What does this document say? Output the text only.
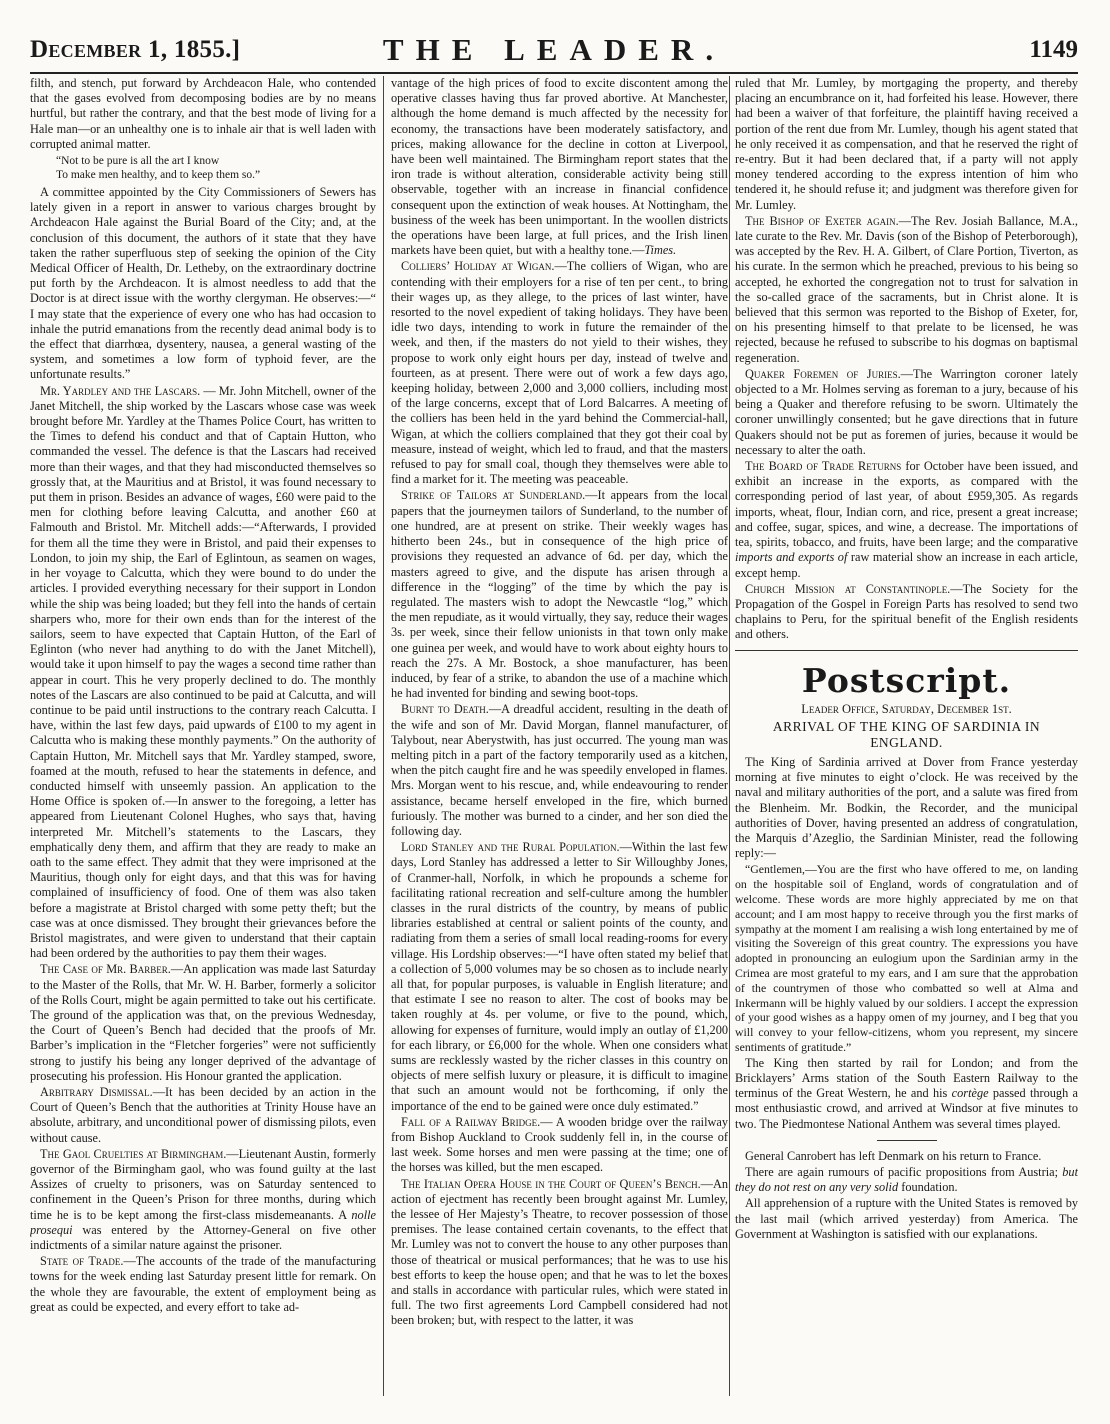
December 1, 1855.]	THE LEADER.	1149

filth, and stench, put forward by Archdeacon Hale, who contended that the gases evolved from decomposing bodies are by no means hurtful, but rather the contrary, and that the best mode of living for a Hale man—or an unhealthy one is to inhale air that is well laden with corrupted animal matter.

“Not to be pure is all the art I know
To make men healthy, and to keep them so.”

A committee appointed by the City Commissioners of Sewers has lately given in a report in answer to various charges brought by Archdeacon Hale against the Burial Board of the City; and, at the conclusion of this document, the authors of it state that they have taken the rather superfluous step of seeking the opinion of the City Medical Officer of Health, Dr. Letheby, on the extraordinary doctrine put forth by the Archdeacon. It is almost needless to add that the Doctor is at direct issue with the worthy clergyman. He observes:—“ I may state that the experience of every one who has had occasion to inhale the putrid emanations from the recently dead animal body is to the effect that diarrhœa, dysentery, nausea, a general wasting of the system, and sometimes a low form of typhoid fever, are the unfortunate results.”

Mr. Yardley and the Lascars. — Mr. John Mitchell, owner of the Janet Mitchell, the ship worked by the Lascars whose case was week brought before Mr. Yardley at the Thames Police Court, has written to the Times to defend his conduct and that of Captain Hutton, who commanded the vessel. The defence is that the Lascars had received more than their wages, and that they had misconducted themselves so grossly that, at the Mauritius and at Bristol, it was found necessary to put them in prison. Besides an advance of wages, £60 were paid to the men for clothing before leaving Calcutta, and another £60 at Falmouth and Bristol. Mr. Mitchell adds:—“Afterwards, I provided for them all the time they were in Bristol, and paid their expenses to London, to join my ship, the Earl of Eglintoun, as seamen on wages, in her voyage to Calcutta, which they were bound to do under the articles. I provided everything necessary for their support in London while the ship was being loaded; but they fell into the hands of certain sharpers who, more for their own ends than for the interest of the sailors, seem to have expected that Captain Hutton, of the Earl of Eglinton (who never had anything to do with the Janet Mitchell), would take it upon himself to pay the wages a second time rather than appear in court. This he very properly declined to do. The monthly notes of the Lascars are also continued to be paid at Calcutta, and will continue to be paid until instructions to the contrary reach Calcutta. I have, within the last few days, paid upwards of £100 to my agent in Calcutta who is making these monthly payments.” On the authority of Captain Hutton, Mr. Mitchell says that Mr. Yardley stamped, swore, foamed at the mouth, refused to hear the statements in defence, and conducted himself with unseemly passion. An application to the Home Office is spoken of.—In answer to the foregoing, a letter has appeared from Lieutenant Colonel Hughes, who says that, having interpreted Mr. Mitchell’s statements to the Lascars, they emphatically deny them, and affirm that they are ready to make an oath to the same effect. They admit that they were imprisoned at the Mauritius, though only for eight days, and that this was for having complained of insufficiency of food. One of them was also taken before a magistrate at Bristol charged with some petty theft; but the case was at once dismissed. They brought their grievances before the Bristol magistrates, and were given to understand that their captain had been ordered by the authorities to pay them their wages.

The Case of Mr. Barber.—An application was made last Saturday to the Master of the Rolls, that Mr. W. H. Barber, formerly a solicitor of the Rolls Court, might be again permitted to take out his certificate. The ground of the application was that, on the previous Wednesday, the Court of Queen’s Bench had decided that the proofs of Mr. Barber’s implication in the “Fletcher forgeries” were not sufficiently strong to justify his being any longer deprived of the advantage of prosecuting his profession. His Honour granted the application.

Arbitrary Dismissal.—It has been decided by an action in the Court of Queen’s Bench that the authorities at Trinity House have an absolute, arbitrary, and unconditional power of dismissing pilots, even without cause.

The Gaol Cruelties at Birmingham.—Lieutenant Austin, formerly governor of the Birmingham gaol, who was found guilty at the last Assizes of cruelty to prisoners, was on Saturday sentenced to confinement in the Queen’s Prison for three months, during which time he is to be kept among the first-class misdemeanants. A nolle prosequi was entered by the Attorney-General on five other indictments of a similar nature against the prisoner.

State of Trade.—The accounts of the trade of the manufacturing towns for the week ending last Saturday present little for remark. On the whole they are favourable, the extent of employment being as great as could be expected, and every effort to take ad-

vantage of the high prices of food to excite discontent among the operative classes having thus far proved abortive. At Manchester, although the home demand is much affected by the necessity for economy, the transactions have been moderately satisfactory, and prices, making allowance for the decline in cotton at Liverpool, have been well maintained. The Birmingham report states that the iron trade is without alteration, considerable activity being still observable, together with an increase in financial confidence consequent upon the extinction of weak houses. At Nottingham, the business of the week has been unimportant. In the woollen districts the operations have been large, at full prices, and the Irish linen markets have been quiet, but with a healthy tone.—Times.

Colliers’ Holiday at Wigan.—The colliers of Wigan, who are contending with their employers for a rise of ten per cent., to bring their wages up, as they allege, to the prices of last winter, have resorted to the novel expedient of taking holidays. They have been idle two days, intending to work in future the remainder of the week, and then, if the masters do not yield to their wishes, they propose to work only eight hours per day, instead of twelve and fourteen, as at present. There were out of work a few days ago, keeping holiday, between 2,000 and 3,000 colliers, including most of the large concerns, except that of Lord Balcarres. A meeting of the colliers has been held in the yard behind the Commercial-hall, Wigan, at which the colliers complained that they got their coal by measure, instead of weight, which led to fraud, and that the masters refused to pay for small coal, though they themselves were able to find a market for it. The meeting was peaceable.

Strike of Tailors at Sunderland.—It appears from the local papers that the journeymen tailors of Sunderland, to the number of one hundred, are at present on strike. Their weekly wages has hitherto been 24s., but in consequence of the high price of provisions they requested an advance of 6d. per day, which the masters agreed to give, and the dispute has arisen through a difference in the “logging” of the time by which the pay is regulated. The masters wish to adopt the Newcastle “log,” which the men repudiate, as it would virtually, they say, reduce their wages 3s. per week, since their fellow unionists in that town only make one guinea per week, and would have to work about eighty hours to reach the 27s. A Mr. Bostock, a shoe manufacturer, has been induced, by fear of a strike, to abandon the use of a machine which he had invented for binding and sewing boot-tops.

Burnt to Death.—A dreadful accident, resulting in the death of the wife and son of Mr. David Morgan, flannel manufacturer, of Talybout, near Aberystwith, has just occurred. The young man was melting pitch in a part of the factory temporarily used as a kitchen, when the pitch caught fire and he was speedily enveloped in flames. Mrs. Morgan went to his rescue, and, while endeavouring to render assistance, became herself enveloped in the fire, which burned furiously. The mother was burned to a cinder, and her son died the following day.

Lord Stanley and the Rural Population.—Within the last few days, Lord Stanley has addressed a letter to Sir Willoughby Jones, of Cranmer-hall, Norfolk, in which he propounds a scheme for facilitating rational recreation and self-culture among the humbler classes in the rural districts of the country, by means of public libraries established at central or salient points of the county, and radiating from them a series of small local reading-rooms for every village. His Lordship observes:—“I have often stated my belief that a collection of 5,000 volumes may be so chosen as to include nearly all that, for popular purposes, is valuable in English literature; and that estimate I see no reason to alter. The cost of books may be taken roughly at 4s. per volume, or five to the pound, which, allowing for expenses of furniture, would imply an outlay of £1,200 for each library, or £6,000 for the whole. When one considers what sums are recklessly wasted by the richer classes in this country on objects of mere selfish luxury or pleasure, it is difficult to imagine that such an amount would not be forthcoming, if only the importance of the end to be gained were once duly estimated.”

Fall of a Railway Bridge.— A wooden bridge over the railway from Bishop Auckland to Crook suddenly fell in, in the course of last week. Some horses and men were passing at the time; one of the horses was killed, but the men escaped.

The Italian Opera House in the Court of Queen’s Bench.—An action of ejectment has recently been brought against Mr. Lumley, the lessee of Her Majesty’s Theatre, to recover possession of those premises. The lease contained certain covenants, to the effect that Mr. Lumley was not to convert the house to any other purposes than those of theatrical or musical performances; that he was to use his best efforts to keep the house open; and that he was to let the boxes and stalls in accordance with particular rules, which were stated in full. The two first agreements Lord Campbell considered had not been broken; but, with respect to the latter, it was

ruled that Mr. Lumley, by mortgaging the property, and thereby placing an encumbrance on it, had forfeited his lease. However, there had been a waiver of that forfeiture, the plaintiff having received a portion of the rent due from Mr. Lumley, though his agent stated that he only received it as compensation, and that he reserved the right of re-entry. But it had been declared that, if a party will not apply money tendered according to the express intention of him who tendered it, he should refuse it; and judgment was therefore given for Mr. Lumley.

The Bishop of Exeter again.—The Rev. Josiah Ballance, M.A., late curate to the Rev. Mr. Davis (son of the Bishop of Peterborough), was accepted by the Rev. H. A. Gilbert, of Clare Portion, Tiverton, as his curate. In the sermon which he preached, previous to his being so accepted, he exhorted the congregation not to trust for salvation in the so-called grace of the sacraments, but in Christ alone. It is believed that this sermon was reported to the Bishop of Exeter, for, on his presenting himself to that prelate to be licensed, he was rejected, because he refused to subscribe to his dogmas on baptismal regeneration.

Quaker Foremen of Juries.—The Warrington coroner lately objected to a Mr. Holmes serving as foreman to a jury, because of his being a Quaker and therefore refusing to be sworn. Ultimately the coroner unwillingly consented; but he gave directions that in future Quakers should not be put as foremen of juries, because it would be necessary to alter the oath.

The Board of Trade Returns for October have been issued, and exhibit an increase in the exports, as compared with the corresponding period of last year, of about £959,305. As regards imports, wheat, flour, Indian corn, and rice, present a great increase; and coffee, sugar, spices, and wine, a decrease. The importations of tea, spirits, tobacco, and fruits, have been large; and the comparative imports and exports of raw material show an increase in each article, except hemp.

Church Mission at Constantinople.—The Society for the Propagation of the Gospel in Foreign Parts has resolved to send two chaplains to Peru, for the spiritual benefit of the English residents and others.

Postscript.

Leader Office, Saturday, December 1st.

ARRIVAL OF THE KING OF SARDINIA IN ENGLAND.

The King of Sardinia arrived at Dover from France yesterday morning at five minutes to eight o’clock. He was received by the naval and military authorities of the port, and a salute was fired from the Blenheim. Mr. Bodkin, the Recorder, and the municipal authorities of Dover, having presented an address of congratulation, the Marquis d’Azeglio, the Sardinian Minister, read the following reply:—

“Gentlemen,—You are the first who have offered to me, on landing on the hospitable soil of England, words of congratulation and of welcome. These words are more highly appreciated by me on that account; and I am most happy to receive through you the first marks of sympathy at the moment I am realising a wish long entertained by me of visiting the Sovereign of this great country. The expressions you have adopted in pronouncing an eulogium upon the Sardinian army in the Crimea are most grateful to my ears, and I am sure that the approbation of the countrymen of those who combatted so well at Alma and Inkermann will be highly valued by our soldiers. I accept the expression of your good wishes as a happy omen of my journey, and I beg that you will convey to your fellow-citizens, whom you represent, my sincere sentiments of gratitude.”

The King then started by rail for London; and from the Bricklayers’ Arms station of the South Eastern Railway to the terminus of the Great Western, he and his cortège passed through a most enthusiastic crowd, and arrived at Windsor at five minutes to two. The Piedmontese National Anthem was several times played.

General Canrobert has left Denmark on his return to France.

There are again rumours of pacific propositions from Austria; but they do not rest on any very solid foundation.

All apprehension of a rupture with the United States is removed by the last mail (which arrived yesterday) from America. The Government at Washington is satisfied with our explanations.
